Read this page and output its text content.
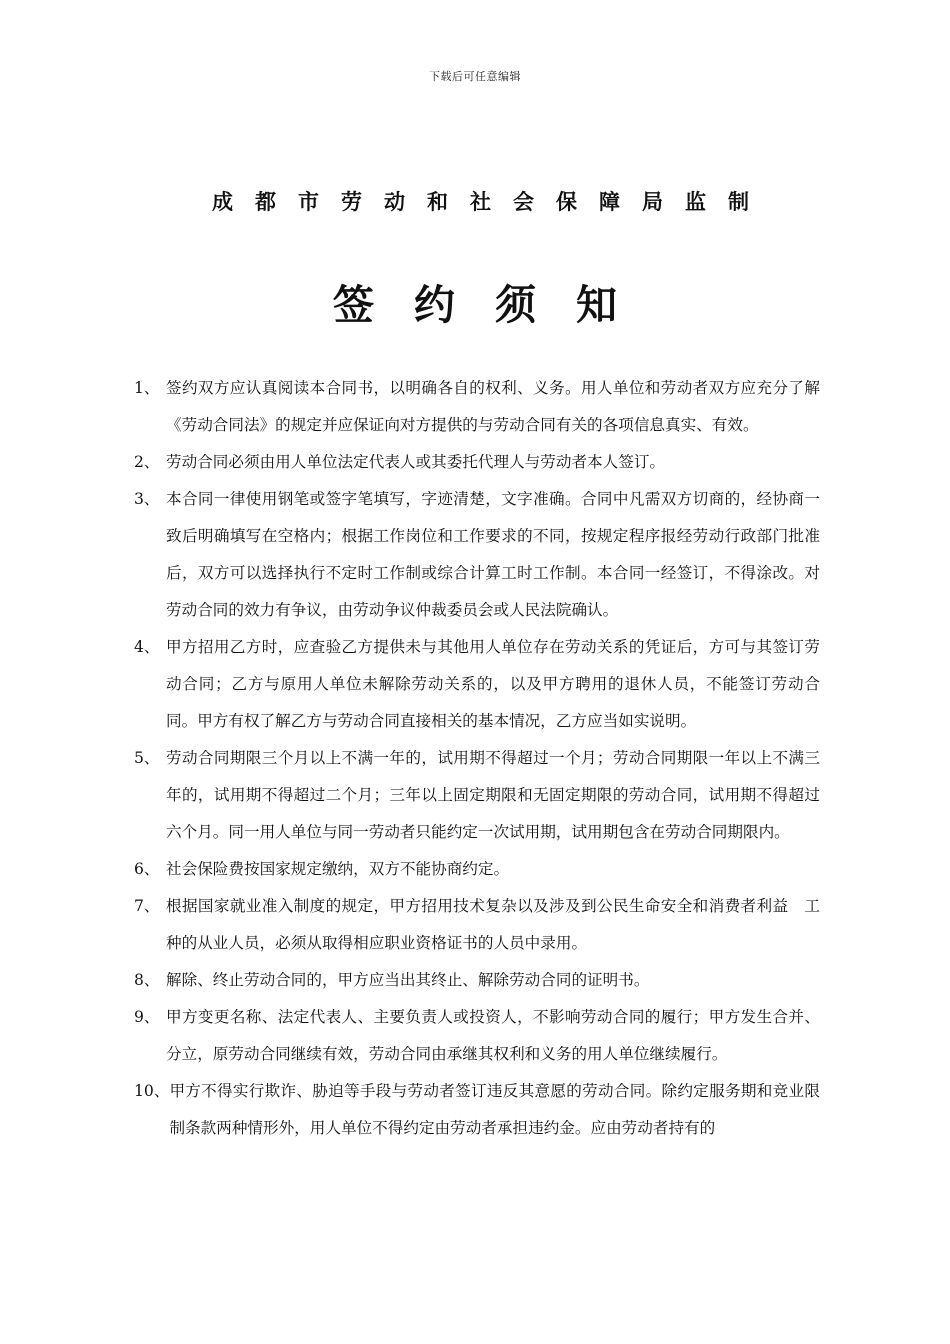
下载后可任意编辑
成都市劳动和社会保障局监制
签约须知
1、 签约双方应认真阅读本合同书，以明确各自的权利、义务。用人单位和劳动者双方应充分了解《劳动合同法》的规定并应保证向对方提供的与劳动合同有关的各项信息真实、有效。
2、 劳动合同必须由用人单位法定代表人或其委托代理人与劳动者本人签订。
3、 本合同一律使用钢笔或签字笔填写，字迹清楚，文字准确。合同中凡需双方切商的，经协商一致后明确填写在空格内；根据工作岗位和工作要求的不同，按规定程序报经劳动行政部门批准后，双方可以选择执行不定时工作制或综合计算工时工作制。本合同一经签订，不得涂改。对劳动合同的效力有争议，由劳动争议仲裁委员会或人民法院确认。
4、 甲方招用乙方时，应查验乙方提供未与其他用人单位存在劳动关系的凭证后，方可与其签订劳动合同；乙方与原用人单位未解除劳动关系的，以及甲方聘用的退休人员，不能签订劳动合同。甲方有权了解乙方与劳动合同直接相关的基本情况，乙方应当如实说明。
5、 劳动合同期限三个月以上不满一年的，试用期不得超过一个月；劳动合同期限一年以上不满三年的，试用期不得超过二个月；三年以上固定期限和无固定期限的劳动合同，试用期不得超过六个月。同一用人单位与同一劳动者只能约定一次试用期，试用期包含在劳动合同期限内。
6、 社会保险费按国家规定缴纳，双方不能协商约定。
7、 根据国家就业准入制度的规定，甲方招用技术复杂以及涉及到公民生命安全和消费者利益　工种的从业人员，必须从取得相应职业资格证书的人员中录用。
8、 解除、终止劳动合同的，甲方应当出其终止、解除劳动合同的证明书。
9、 甲方变更名称、法定代表人、主要负责人或投资人，不影响劳动合同的履行；甲方发生合并、分立，原劳动合同继续有效，劳动合同由承继其权利和义务的用人单位继续履行。
10、 甲方不得实行欺诈、胁迫等手段与劳动者签订违反其意愿的劳动合同。除约定服务期和竞业限制条款两种情形外，用人单位不得约定由劳动者承担违约金。应由劳动者持有的
